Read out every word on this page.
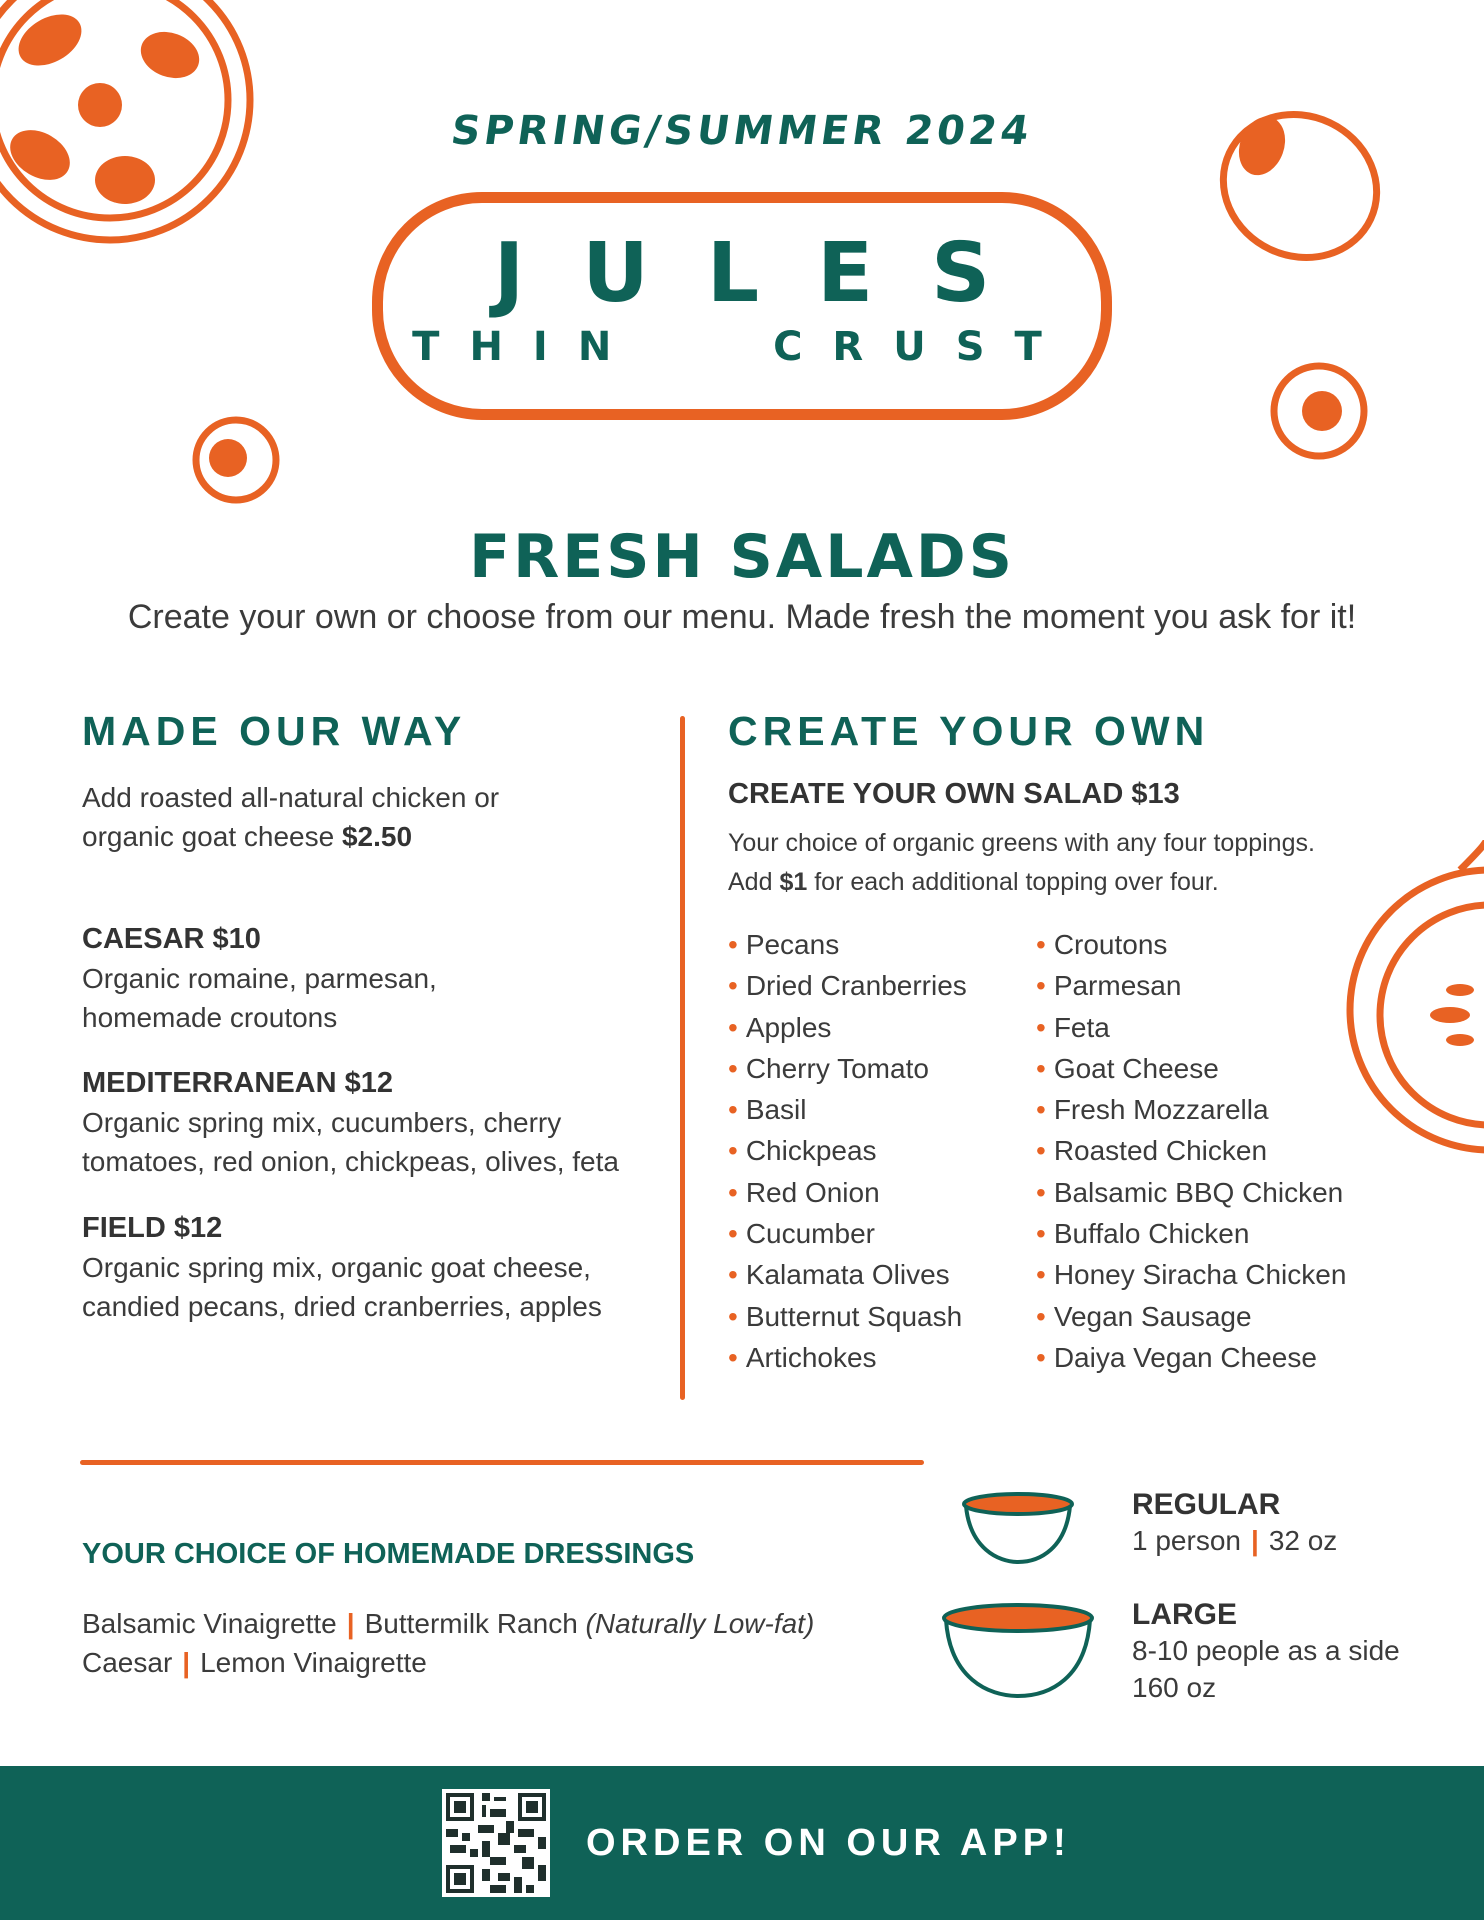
SPRING/SUMMER 2024
JULES
THIN   CRUST
FRESH SALADS
Create your own or choose from our menu. Made fresh the moment you ask for it!
MADE OUR WAY
Add roasted all-natural chicken or
organic goat cheese $2.50
CAESAR $10
Organic romaine, parmesan,
homemade croutons
MEDITERRANEAN $12
Organic spring mix, cucumbers, cherry
tomatoes, red onion, chickpeas, olives, feta
FIELD $12
Organic spring mix, organic goat cheese,
candied pecans, dried cranberries, apples
CREATE YOUR OWN
CREATE YOUR OWN SALAD $13
Your choice of organic greens with any four toppings.
Add $1 for each additional topping over four.
• Pecans
• Dried Cranberries
• Apples
• Cherry Tomato
• Basil
• Chickpeas
• Red Onion
• Cucumber
• Kalamata Olives
• Butternut Squash
• Artichokes
• Croutons
• Parmesan
• Feta
• Goat Cheese
• Fresh Mozzarella
• Roasted Chicken
• Balsamic BBQ Chicken
• Buffalo Chicken
• Honey Siracha Chicken
• Vegan Sausage
• Daiya Vegan Cheese
YOUR CHOICE OF HOMEMADE DRESSINGS
Balsamic Vinaigrette | Buttermilk Ranch (Naturally Low-fat)
Caesar | Lemon Vinaigrette
REGULAR
1 person | 32 oz
LARGE
8-10 people as a side
160 oz
ORDER ON OUR APP!
